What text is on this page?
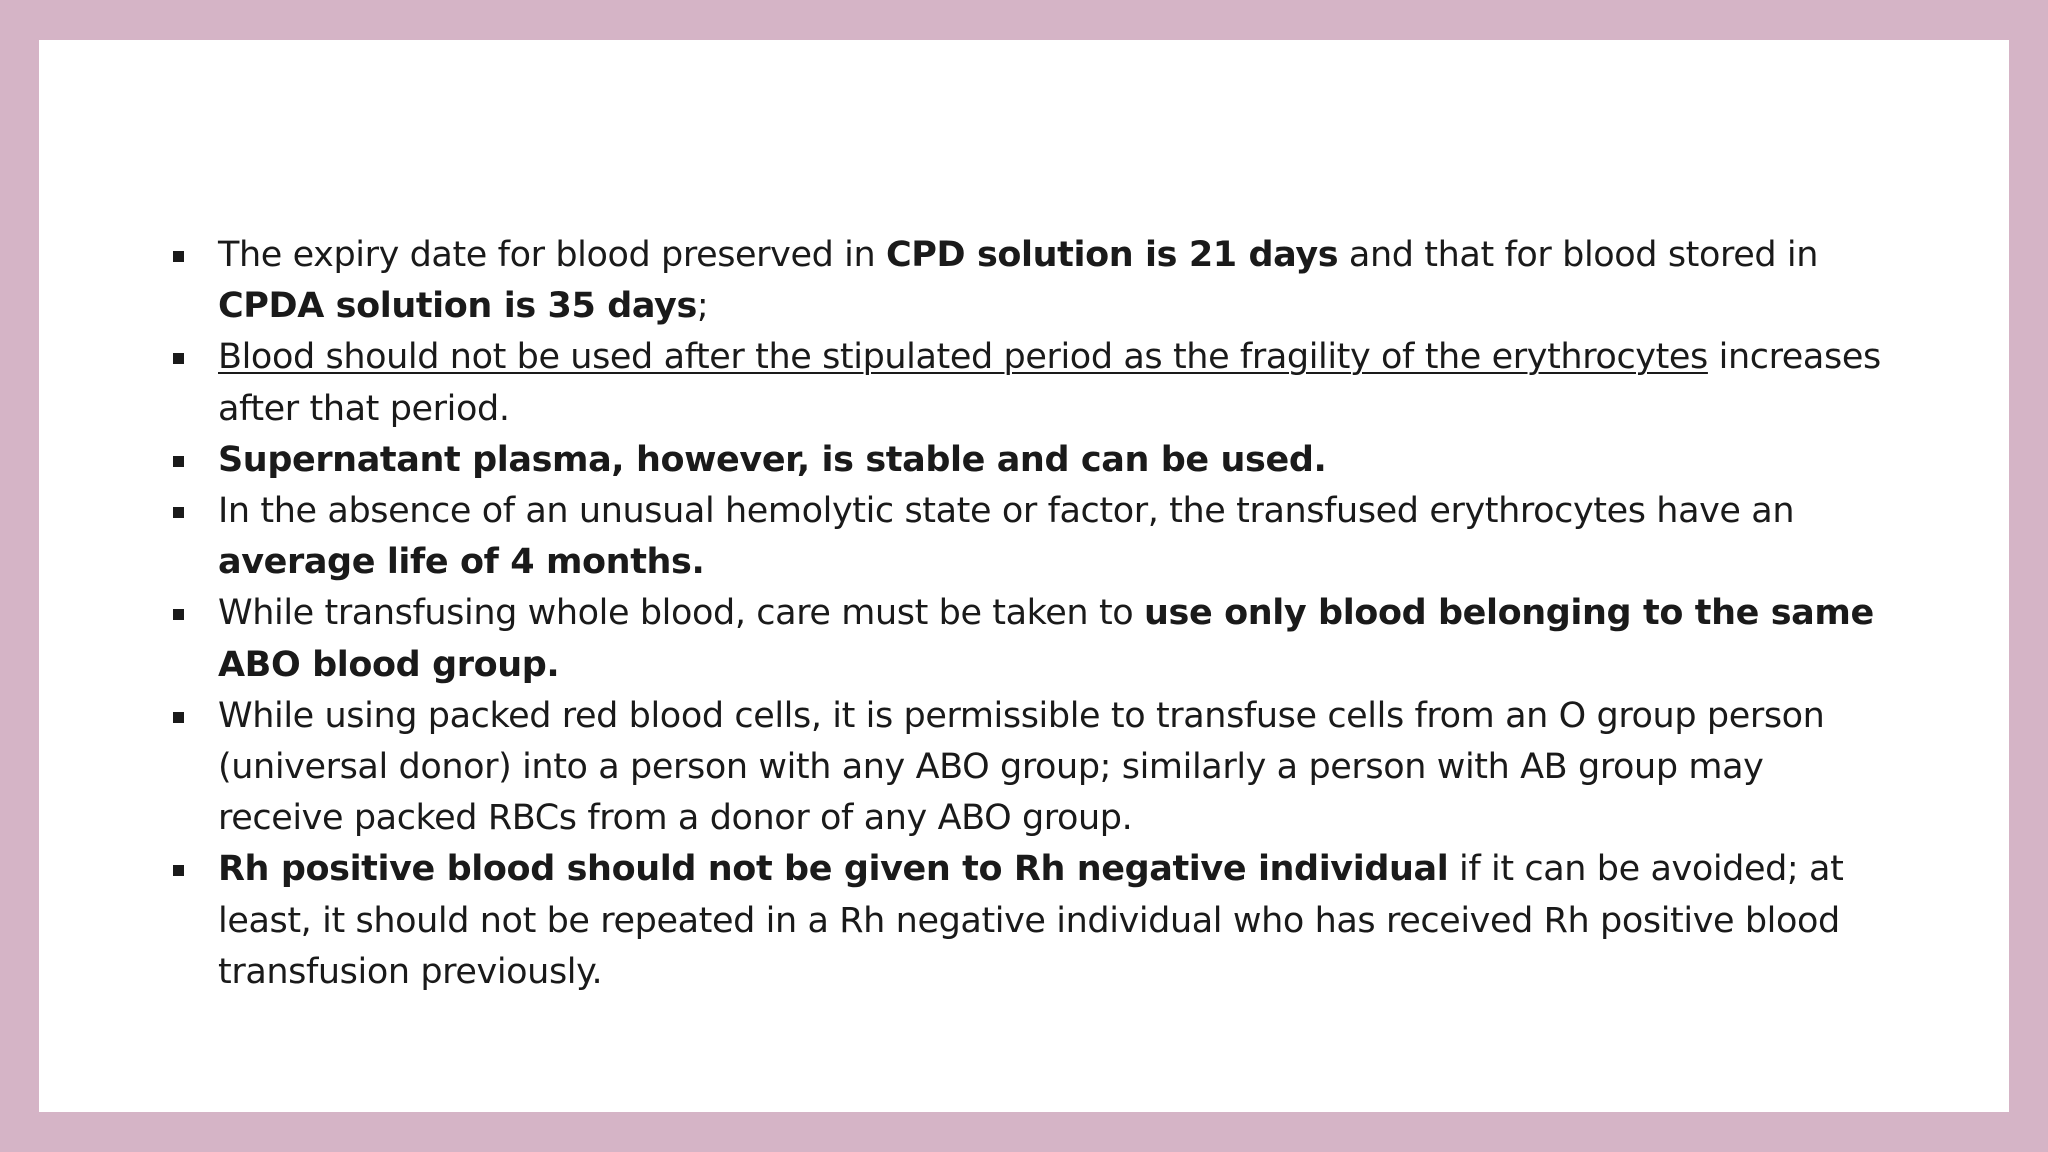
The expiry date for blood preserved in CPD solution is 21 days and that for blood stored in CPDA solution is 35 days;
Blood should not be used after the stipulated period as the fragility of the erythrocytes increases after that period.
Supernatant plasma, however, is stable and can be used.
In the absence of an unusual hemolytic state or factor, the transfused erythrocytes have an average life of 4 months.
While transfusing whole blood, care must be taken to use only blood belonging to the same ABO blood group.
While using packed red blood cells, it is permissible to transfuse cells from an O group person (universal donor) into a person with any ABO group; similarly a person with AB group may receive packed RBCs from a donor of any ABO group.
Rh positive blood should not be given to Rh negative individual if it can be avoided; at least, it should not be repeated in a Rh negative individual who has received Rh positive blood transfusion previously.
